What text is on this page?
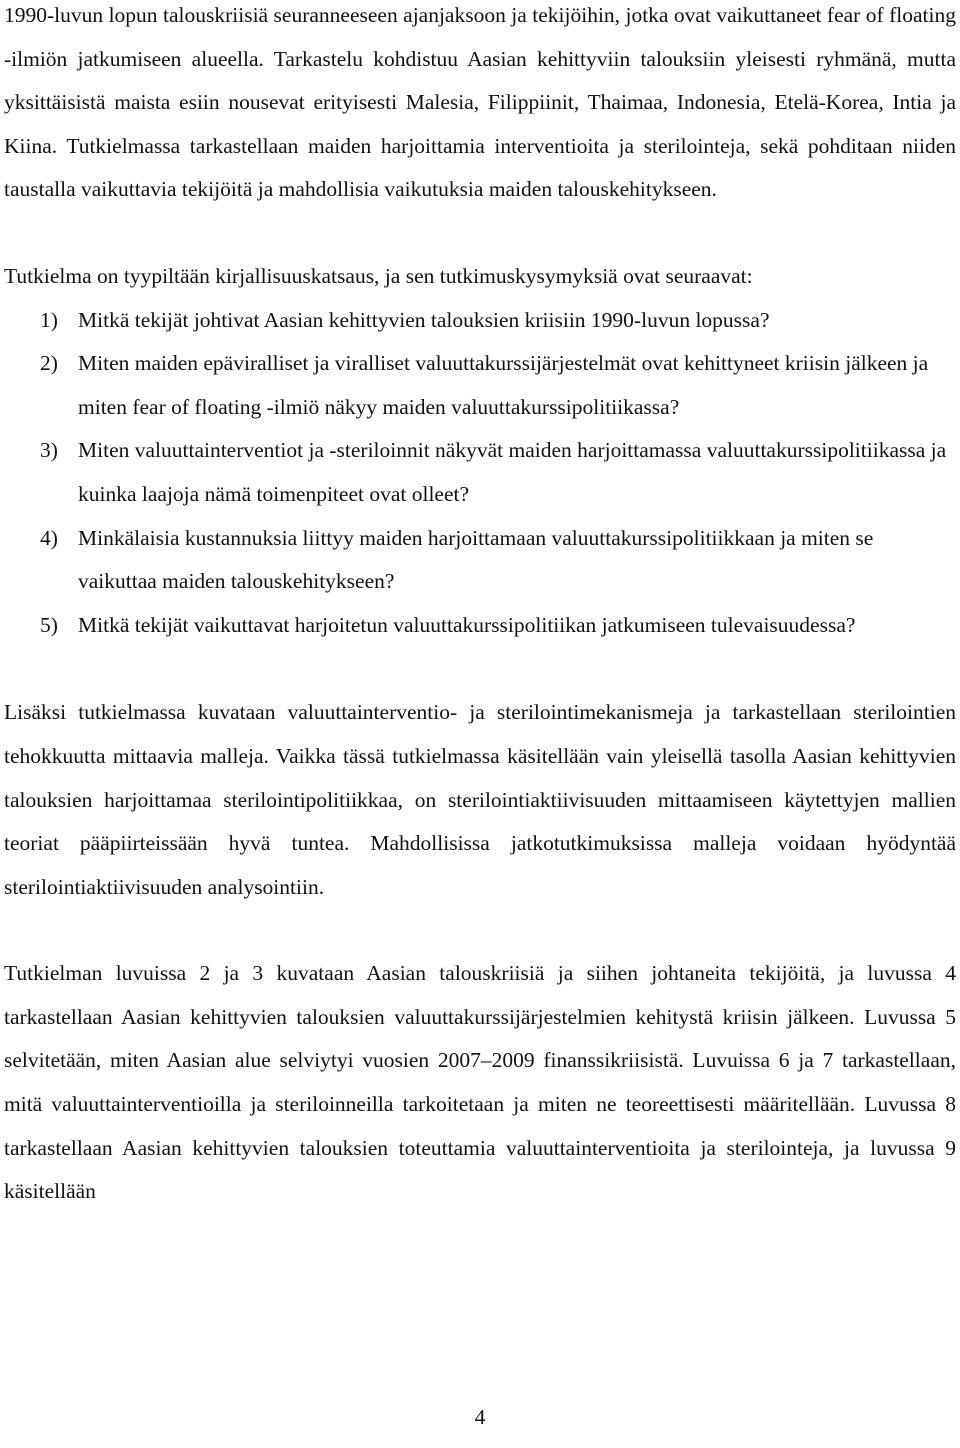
1990-luvun lopun talouskriisiä seuranneeseen ajanjaksoon ja tekijöihin, jotka ovat vaikuttaneet fear of floating -ilmiön jatkumiseen alueella. Tarkastelu kohdistuu Aasian kehittyviin talouksiin yleisesti ryhmänä, mutta yksittäisistä maista esiin nousevat erityisesti Malesia, Filippiinit, Thaimaa, Indonesia, Etelä-Korea, Intia ja Kiina. Tutkielmassa tarkastellaan maiden harjoittamia interventioita ja sterilointeja, sekä pohditaan niiden taustalla vaikuttavia tekijöitä ja mahdollisia vaikutuksia maiden talouskehitykseen.

Tutkielma on tyypiltään kirjallisuuskatsaus, ja sen tutkimuskysymyksiä ovat seuraavat:

1) Mitkä tekijät johtivat Aasian kehittyvien talouksien kriisiin 1990-luvun lopussa?
2) Miten maiden epäviralliset ja viralliset valuuttakurssijärjestelmät ovat kehittyneet kriisin jälkeen ja miten fear of floating -ilmiö näkyy maiden valuuttakurssipolitiikassa?
3) Miten valuuttainterventiot ja -steriloinnit näkyvät maiden harjoittamassa valuuttakurssipolitiikassa ja kuinka laajoja nämä toimenpiteet ovat olleet?
4) Minkälaisia kustannuksia liittyy maiden harjoittamaan valuuttakurssipolitiikkaan ja miten se vaikuttaa maiden talouskehitykseen?
5) Mitkä tekijät vaikuttavat harjoitetun valuuttakurssipolitiikan jatkumiseen tulevaisuudessa?

Lisäksi tutkielmassa kuvataan valuuttainterventio- ja sterilointimekanismeja ja tarkastellaan sterilointien tehokkuutta mittaavia malleja. Vaikka tässä tutkielmassa käsitellään vain yleisellä tasolla Aasian kehittyvien talouksien harjoittamaa sterilointipolitiikkaa, on sterilointiaktiivisuuden mittaamiseen käytettyjen mallien teoriat pääpiirteissään hyvä tuntea. Mahdollisissa jatkotutkimuksissa malleja voidaan hyödyntää sterilointiaktiivisuuden analysointiin.

Tutkielman luvuissa 2 ja 3 kuvataan Aasian talouskriisiä ja siihen johtaneita tekijöitä, ja luvussa 4 tarkastellaan Aasian kehittyvien talouksien valuuttakurssijärjestelmien kehitystä kriisin jälkeen. Luvussa 5 selvitetään, miten Aasian alue selviytyi vuosien 2007–2009 finanssikriisistä. Luvuissa 6 ja 7 tarkastellaan, mitä valuuttainterventioilla ja steriloinneilla tarkoitetaan ja miten ne teoreettisesti määritellään. Luvussa 8 tarkastellaan Aasian kehittyvien talouksien toteuttamia valuuttainterventioita ja sterilointeja, ja luvussa 9 käsitellään

4
